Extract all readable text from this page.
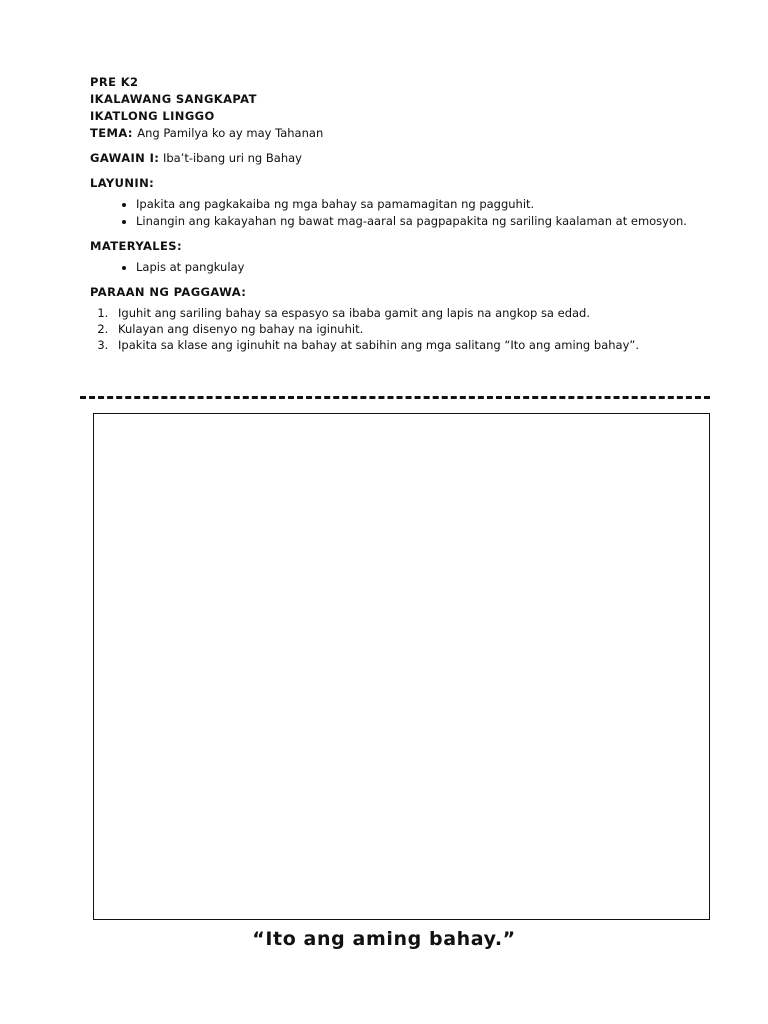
PRE K2

IKALAWANG SANGKAPAT

IKATLONG LINGGO

TEMA: Ang Pamilya ko ay may Tahanan

GAWAIN I: Iba’t-ibang uri ng Bahay
LAYUNIN:
• Ipakita ang pagkakaiba ng mga bahay sa pamamagitan ng pagguhit.
• Linangin ang kakayahan ng bawat mag-aaral sa pagpapakita ng sariling kaalaman at emosyon.
MATERYALES:
• Lapis at pangkulay
PARAAN NG PAGGAWA:
1. Iguhit ang sariling bahay sa espasyo sa ibaba gamit ang lapis na angkop sa edad.
2. Kulayan ang disenyo ng bahay na iginuhit.
3. Ipakita sa klase ang iginuhit na bahay at sabihin ang mga salitang “Ito ang aming bahay”.
“Ito ang aming bahay.”
